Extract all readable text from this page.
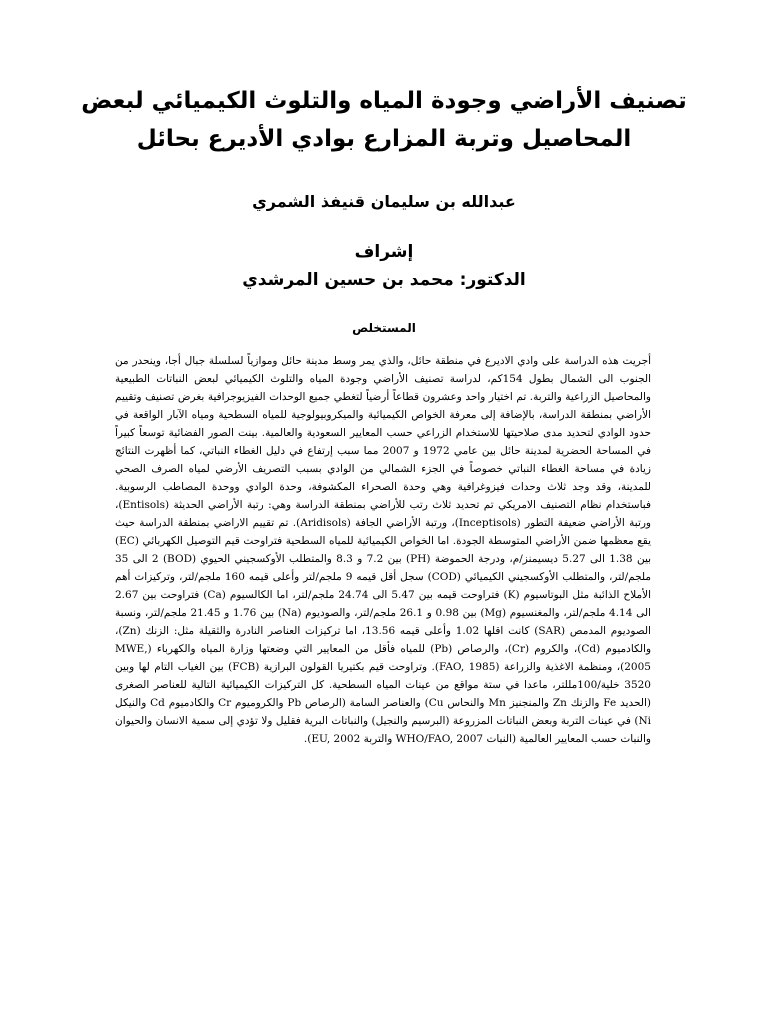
تصنيف الأراضي وجودة المياه والتلوث الكيميائي لبعض
المحاصيل وتربة المزارع بوادي الأديرع بحائل

عبدالله بن سليمان قنيفذ الشمري

إشراف
الدكتور: محمد بن حسين المرشدي
المستخلص

أجريت هذه الدراسة على وادي الاديرع في منطقة حائل، والذي يمر وسط مدينة حائل وموازياً لسلسلة جبال أجا، وينحدر من الجنوب الى الشمال بطول 154كم، لدراسة تصنيف الأراضي وجودة المياه والتلوث الكيميائي لبعض النباتات الطبيعية والمحاصيل الزراعية والتربة. تم اختيار واحد وعشرون قطاعاً أرضياً لتغطي جميع الوحدات الفيزيوجرافية بغرض تصنيف وتقييم الأراضي بمنطقة الدراسة، بالإضافة إلى معرفة الخواص الكيميائية والميكروبيولوجية للمياه السطحية ومياه الآبار الواقعة في حدود الوادي لتحديد مدى صلاحيتها للاستخدام الزراعي حسب المعايير السعودية والعالمية. بينت الصور الفضائية توسعاً كبيراً في المساحة الحضرية لمدينة حائل بين عامي 1972 و 2007 مما سبب إرتفاع في دليل الغطاء النباتي، كما أظهرت النتائج زيادة في مساحة الغطاء النباتي خصوصاً في الجزء الشمالي من الوادي بسبب التصريف الأرضي لمياه الصرف الصحي للمدينة، وقد وجد ثلاث وحدات فيزوغرافية وهي وحدة الصحراء المكشوفة، وحدة الوادي ووحدة المصاطب الرسوبية. فباستخدام نظام التصنيف الامريكي تم تحديد ثلاث رتب للأراضي بمنطقة الدراسة وهي: رتبة الأراضي الحديثة (Entisols)، ورتبة الأراضي ضعيفة التطور (Inceptisols)، ورتبة الأراضي الجافة (Aridisols). تم تقييم الاراضي بمنطقة الدراسة حيث يقع معظمها ضمن الأراضي المتوسطة الجودة. اما الخواص الكيميائية للمياه السطحية فتراوحت قيم التوصيل الكهربائي (EC) بين 1.38 الى 5.27 ديسيمنز/م، ودرجة الحموضة (PH) بين 7.2 و 8.3 والمتطلب الأوكسجيني الحيوي (BOD) 2 الى 35 ملجم/لتر، والمتطلب الأوكسجيني الكيميائي (COD) سجل أقل قيمه 9 ملجم/لتر وأعلى قيمه 160 ملجم/لتر، وتركيزات أهم الأملاح الذائبة مثل البوتاسيوم (K) فتراوحت قيمه بين 5.47 الى 24.74 ملجم/لتر، اما الكالسيوم (Ca) فتراوحت بين 2.67 الى 4.14 ملجم/لتر، والمغنسيوم (Mg) بين 0.98 و 26.1 ملجم/لتر، والصوديوم (Na) بين 1.76 و 21.45 ملجم/لتر، ونسبة الصوديوم المدمص (SAR) كانت اقلها 1.02 وأعلى قيمه 13.56، اما تركيزات العناصر النادرة والثقيلة مثل: الزنك (Zn)، والكادميوم (Cd)، والكروم (Cr)، والرصاص (Pb) للمياه فأقل من المعايير التي وضعتها وزارة المياه والكهرباء (MWE, 2005)، ومنظمة الاغذية والزراعة (FAO, 1985). وتراوحت قيم بكتيريا القولون البرازية (FCB) بين الغياب التام لها وبين 3520 خلية/100مللتر، ماعدا في ستة مواقع من عينات المياه السطحية. كل التركيزات الكيميائية التالية للعناصر الصغرى (الحديد Fe والزنك Zn والمنجنيز Mn والنحاس Cu) والعناصر السامة (الرصاص Pb والكروميوم Cr والكادميوم Cd والنيكل Ni) في عينات التربة وبعض النباتات المزروعة (البرسيم والنجيل) والنباتات البرية فقليل ولا تؤدي إلى سمية الانسان والحيوان والنبات حسب المعايير العالمية (النبات WHO/FAO, 2007 والتربة EU, 2002).
